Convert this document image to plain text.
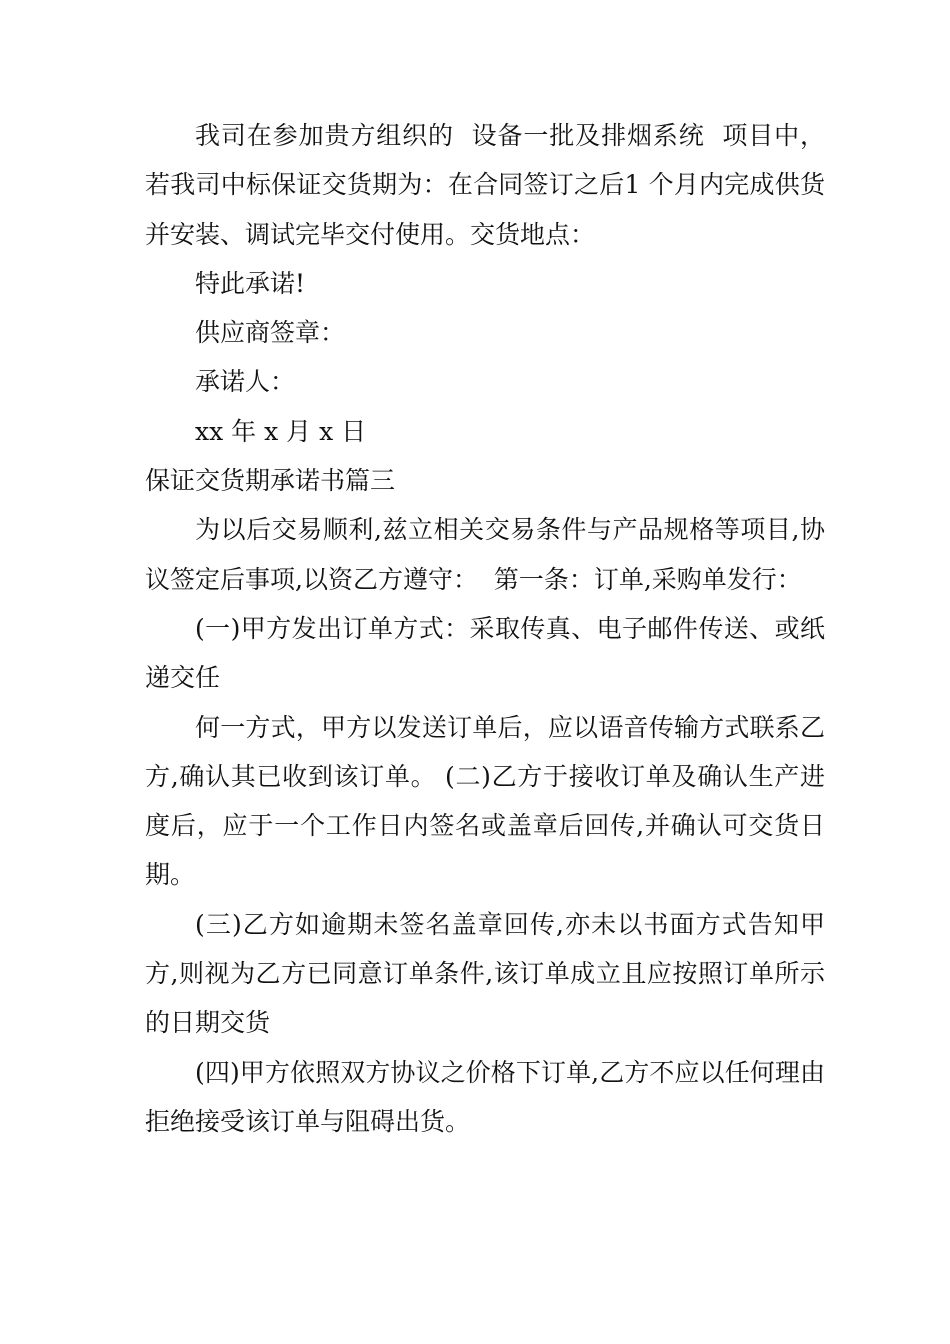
我司在参加贵方组织的  设备一批及排烟系统  项目中，若我司中标保证交货期为：在合同签订之后1 个月内完成供货并安装、调试完毕交付使用。交货地点：

特此承诺!

供应商签章：

承诺人：

xx 年 x 月 x 日

保证交货期承诺书篇三

为以后交易顺利,兹立相关交易条件与产品规格等项目,协议签定后事项,以资乙方遵守：  第一条：订单,采购单发行：

(一)甲方发出订单方式：采取传真、电子邮件传送、或纸递交任

何一方式，甲方以发送订单后，应以语音传输方式联系乙方,确认其已收到该订单。 (二)乙方于接收订单及确认生产进度后，应于一个工作日内签名或盖章后回传,并确认可交货日期。

(三)乙方如逾期未签名盖章回传,亦未以书面方式告知甲方,则视为乙方已同意订单条件,该订单成立且应按照订单所示的日期交货

(四)甲方依照双方协议之价格下订单,乙方不应以任何理由拒绝接受该订单与阻碍出货。
